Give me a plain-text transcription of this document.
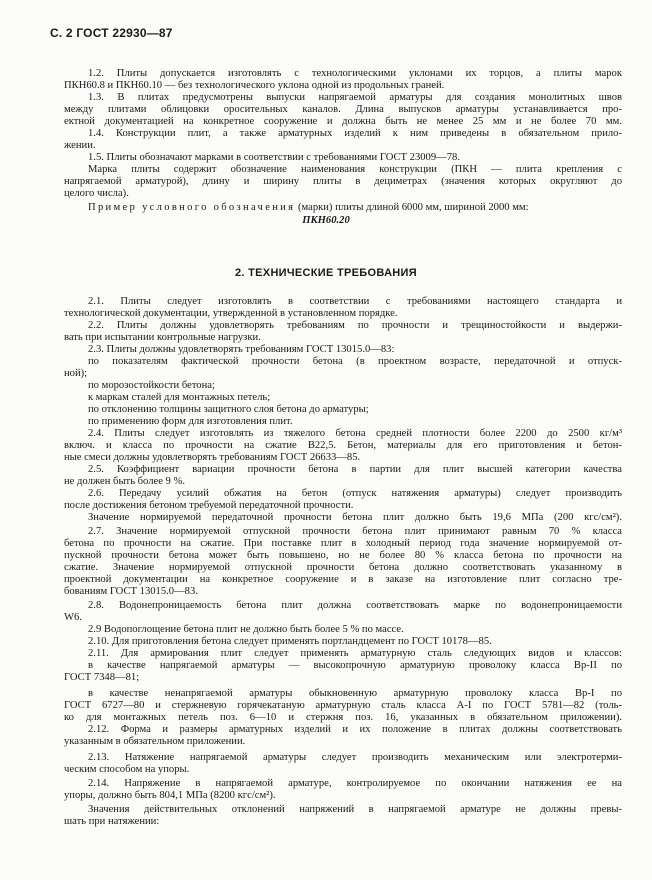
С. 2 ГОСТ 22930—87
1.2. Плиты допускается изготовлять с технологическими уклонами их торцов, а плиты марок
ПКН60.8 и ПКН60.10 — без технологического уклона одной из продольных граней.
1.3. В плитах предусмотрены выпуски напрягаемой арматуры для создания монолитных швов
между плитами облицовки оросительных каналов. Длина выпусков арматуры устанавливается про-
ектной документацией на конкретное сооружение и должна быть не менее 25 мм и не более 70 мм.
1.4. Конструкции плит, а также арматурных изделий к ним приведены в обязательном прило-
жении.
1.5. Плиты обозначают марками в соответствии с требованиями ГОСТ 23009—78.
Марка плиты содержит обозначение наименования конструкции (ПКН — плита крепления с
напрягаемой арматурой), длину и ширину плиты в дециметрах (значения которых округляют до
целого числа).
Пример условного обозначения (марки) плиты длиной 6000 мм, шириной 2000 мм:
ПКН60.20
2. ТЕХНИЧЕСКИЕ ТРЕБОВАНИЯ
2.1. Плиты следует изготовлять в соответствии с требованиями настоящего стандарта и
технологической документации, утвержденной в установленном порядке.
2.2. Плиты должны удовлетворять требованиям по прочности и трещиностойкости и выдержи-
вать при испытании контрольные нагрузки.
2.3. Плиты должны удовлетворять требованиям ГОСТ 13015.0—83:
по показателям фактической прочности бетона (в проектном возрасте, передаточной и отпуск-
ной);
по морозостойкости бетона;
к маркам сталей для монтажных петель;
по отклонению толщины защитного слоя бетона до арматуры;
по применению форм для изготовления плит.
2.4. Плиты следует изготовлять из тяжелого бетона средней плотности более 2200 до 2500 кг/м³
включ. и класса по прочности на сжатие В22,5. Бетон, материалы для его приготовления и бетон-
ные смеси должны удовлетворять требованиям ГОСТ 26633—85.
2.5. Коэффициент вариации прочности бетона в партии для плит высшей категории качества
не должен быть более 9 %.
2.6. Передачу усилий обжатия на бетон (отпуск натяжения арматуры) следует производить
после достижения бетоном требуемой передаточной прочности.
Значение нормируемой передаточной прочности бетона плит должно быть 19,6 МПа (200 кгс/см²).
2.7. Значение нормируемой отпускной прочности бетона плит принимают равным 70 % класса
бетона по прочности на сжатие. При поставке плит в холодный период года значение нормируемой от-
пускной прочности бетона может быть повышено, но не более 80 % класса бетона по прочности на
сжатие. Значение нормируемой отпускной прочности бетона должно соответствовать указанному в
проектной документации на конкретное сооружение и в заказе на изготовление плит согласно тре-
бованиям ГОСТ 13015.0—83.
2.8. Водонепроницаемость бетона плит должна соответствовать марке по водонепроницаемости
W6.
2.9 Водопоглощение бетона плит не должно быть более 5 % по массе.
2.10. Для приготовления бетона следует применять портландцемент по ГОСТ 10178—85.
2.11. Для армирования плит следует применять арматурную сталь следующих видов и классов:
в качестве напрягаемой арматуры — высокопрочную арматурную проволоку класса Вр-II по
ГОСТ 7348—81;
в качестве ненапрягаемой арматуры обыкновенную арматурную проволоку класса Вр-I по
ГОСТ 6727—80 и стержневую горячекатаную арматурную сталь класса А-I по ГОСТ 5781—82 (толь-
ко для монтажных петель поз. 6—10 и стержня поз. 16, указанных в обязательном приложении).
2.12. Форма и размеры арматурных изделий и их положение в плитах должны соответствовать
указанным в обязательном приложении.
2.13. Натяжение напрягаемой арматуры следует производить механическим или электротерми-
ческим способом на упоры.
2.14. Напряжение в напрягаемой арматуре, контролируемое по окончании натяжения ее на
упоры, должно быть 804,1 МПа (8200 кгс/см²).
Значения действительных отклонений напряжений в напрягаемой арматуре не должны превы-
шать при натяжении:
